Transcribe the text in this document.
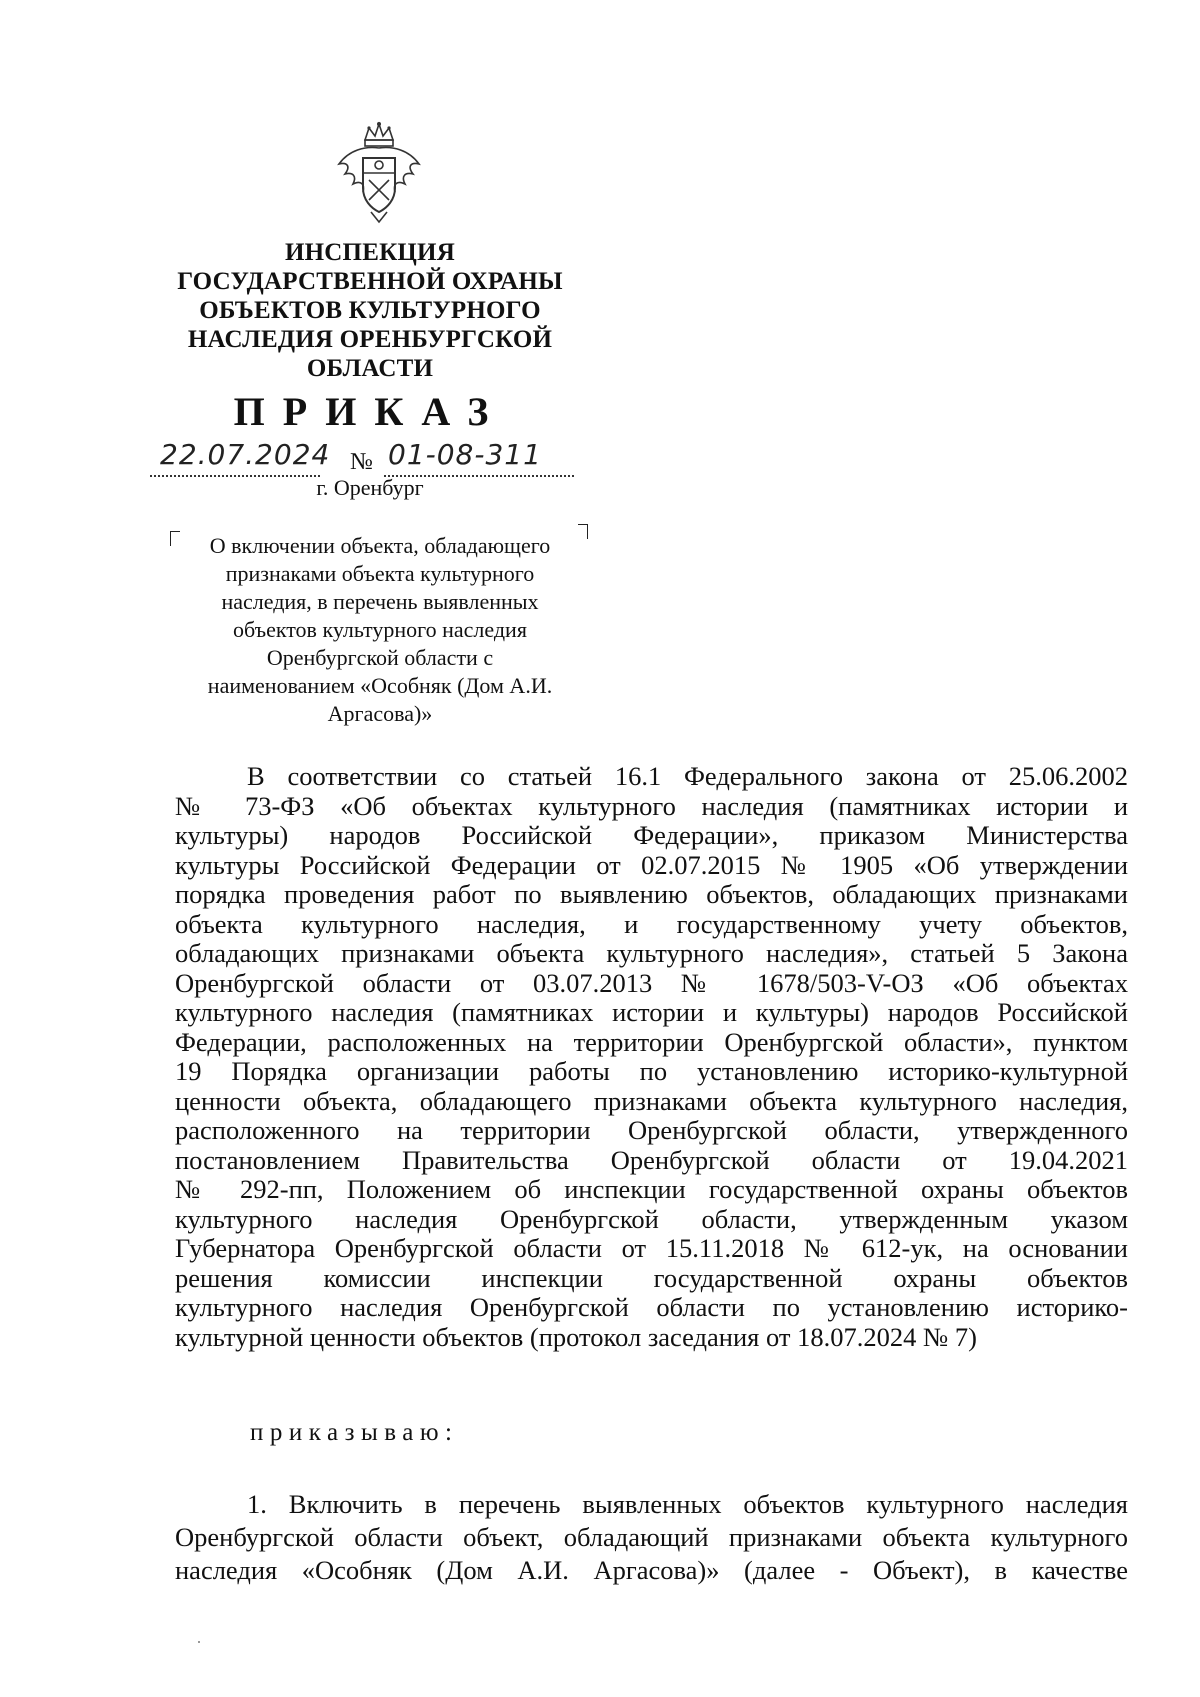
ИНСПЕКЦИЯ
ГОСУДАРСТВЕННОЙ ОХРАНЫ
ОБЪЕКТОВ КУЛЬТУРНОГО
НАСЛЕДИЯ ОРЕНБУРГСКОЙ
ОБЛАСТИ
ПРИКАЗ
22.07.2024 № 01-08-311
г. Оренбург
О включении объекта, обладающего
признаками объекта культурного
наследия, в перечень выявленных
объектов культурного наследия
Оренбургской области с
наименованием «Особняк (Дом А.И.
Аргасова)»
В соответствии со статьей 16.1 Федерального закона от 25.06.2002
№ 73-ФЗ «Об объектах культурного наследия (памятниках истории и
культуры) народов Российской Федерации», приказом Министерства
культуры Российской Федерации от 02.07.2015 № 1905 «Об утверждении
порядка проведения работ по выявлению объектов, обладающих признаками
объекта культурного наследия, и государственному учету объектов,
обладающих признаками объекта культурного наследия», статьей 5 Закона
Оренбургской области от 03.07.2013 № 1678/503-V-ОЗ «Об объектах
культурного наследия (памятниках истории и культуры) народов Российской
Федерации, расположенных на территории Оренбургской области», пунктом
19 Порядка организации работы по установлению историко-культурной
ценности объекта, обладающего признаками объекта культурного наследия,
расположенного на территории Оренбургской области, утвержденного
постановлением Правительства Оренбургской области от 19.04.2021
№ 292-пп, Положением об инспекции государственной охраны объектов
культурного наследия Оренбургской области, утвержденным указом
Губернатора Оренбургской области от 15.11.2018 № 612-ук, на основании
решения комиссии инспекции государственной охраны объектов
культурного наследия Оренбургской области по установлению историко-
культурной ценности объектов (протокол заседания от 18.07.2024 № 7)
приказываю:
1. Включить в перечень выявленных объектов культурного наследия
Оренбургской области объект, обладающий признаками объекта культурного
наследия «Особняк (Дом А.И. Аргасова)» (далее - Объект), в качестве
